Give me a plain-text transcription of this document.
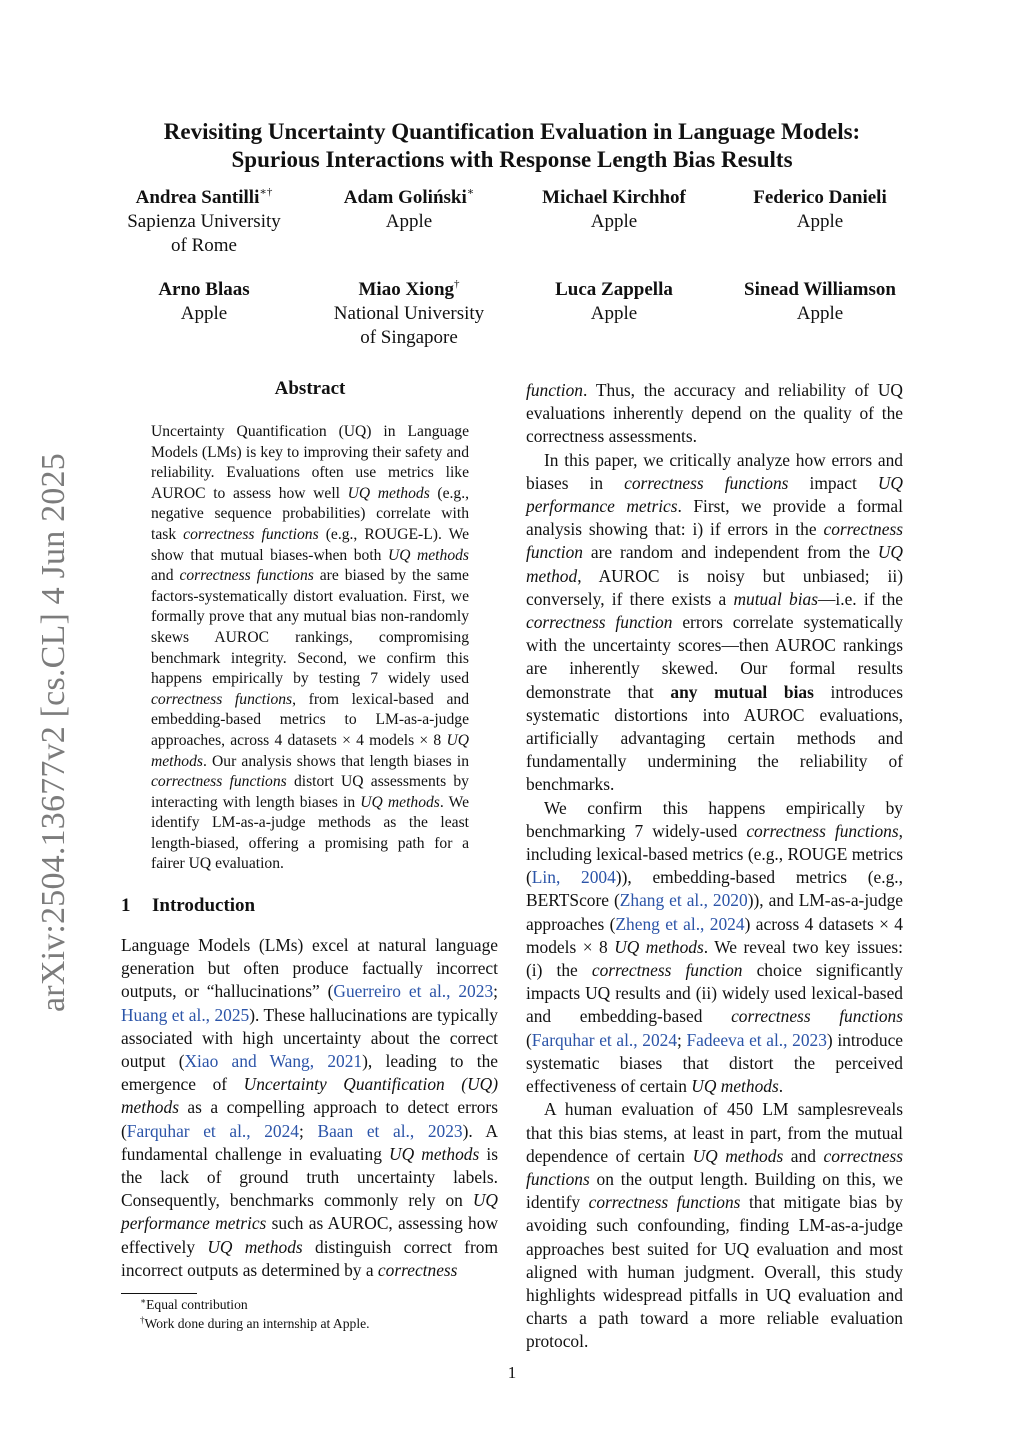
Revisiting Uncertainty Quantification Evaluation in Language Models:
Spurious Interactions with Response Length Bias Results
Andrea Santilli∗†
Sapienza University
of Rome
Adam Goliński∗
Apple
Michael Kirchhof
Apple
Federico Danieli
Apple
Arno Blaas
Apple
Miao Xiong†
National University
of Singapore
Luca Zappella
Apple
Sinead Williamson
Apple
arXiv:2504.13677v2 [cs.CL] 4 Jun 2025
Abstract
Uncertainty Quantification (UQ) in Language Models (LMs) is key to improving their safety and reliability. Evaluations often use metrics like AUROC to assess how well UQ methods (e.g., negative sequence probabilities) correlate with task correctness functions (e.g., ROUGE-L). We show that mutual biases-when both UQ methods and correctness functions are biased by the same factors-systematically distort evaluation. First, we formally prove that any mutual bias non-randomly skews AUROC rankings, compromising benchmark integrity. Second, we confirm this happens empirically by testing 7 widely used correctness functions, from lexical-based and embedding-based metrics to LM-as-a-judge approaches, across 4 datasets × 4 models × 8 UQ methods. Our analysis shows that length biases in correctness functions distort UQ assessments by interacting with length biases in UQ methods. We identify LM-as-a-judge methods as the least length-biased, offering a promising path for a fairer UQ evaluation.
1 Introduction

Language Models (LMs) excel at natural language generation but often produce factually incorrect outputs, or “hallucinations” (Guerreiro et al., 2023; Huang et al., 2025). These hallucinations are typically associated with high uncertainty about the correct output (Xiao and Wang, 2021), leading to the emergence of Uncertainty Quantification (UQ) methods as a compelling approach to detect errors (Farquhar et al., 2024; Baan et al., 2023). A fundamental challenge in evaluating UQ methods is the lack of ground truth uncertainty labels. Consequently, benchmarks commonly rely on UQ performance metrics such as AUROC, assessing how effectively UQ methods distinguish correct from incorrect outputs as determined by a correctness

function. Thus, the accuracy and reliability of UQ evaluations inherently depend on the quality of the correctness assessments.

In this paper, we critically analyze how errors and biases in correctness functions impact UQ performance metrics. First, we provide a formal analysis showing that: i) if errors in the correctness function are random and independent from the UQ method, AUROC is noisy but unbiased; ii) conversely, if there exists a mutual bias—i.e. if the correctness function errors correlate systematically with the uncertainty scores—then AUROC rankings are inherently skewed. Our formal results demonstrate that any mutual bias introduces systematic distortions into AUROC evaluations, artificially advantaging certain methods and fundamentally undermining the reliability of benchmarks.

We confirm this happens empirically by benchmarking 7 widely-used correctness functions, including lexical-based metrics (e.g., ROUGE metrics (Lin, 2004)), embedding-based metrics (e.g., BERTScore (Zhang et al., 2020)), and LM-as-a-judge approaches (Zheng et al., 2024) across 4 datasets × 4 models × 8 UQ methods. We reveal two key issues: (i) the correctness function choice significantly impacts UQ results and (ii) widely used lexical-based and embedding-based correctness functions (Farquhar et al., 2024; Fadeeva et al., 2023) introduce systematic biases that distort the perceived effectiveness of certain UQ methods.

A human evaluation of 450 LM samplesreveals that this bias stems, at least in part, from the mutual dependence of certain UQ methods and correctness functions on the output length. Building on this, we identify correctness functions that mitigate bias by avoiding such confounding, finding LM-as-a-judge approaches best suited for UQ evaluation and most aligned with human judgment. Overall, this study highlights widespread pitfalls in UQ evaluation and charts a path toward a more reliable evaluation protocol.

∗Equal contribution
†Work done during an internship at Apple.
1
